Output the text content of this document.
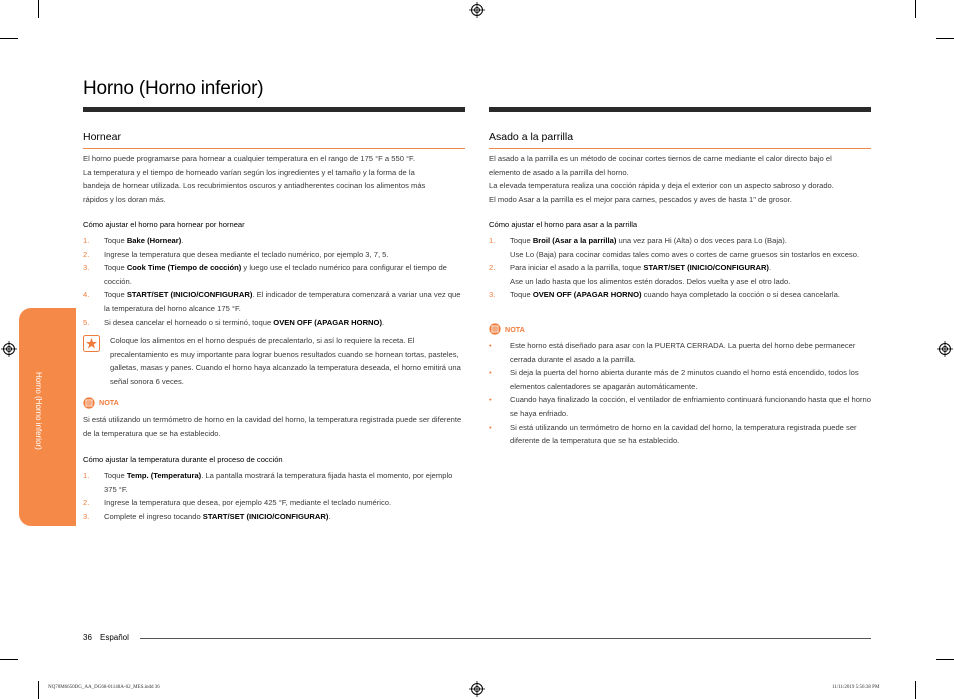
Horno (Horno inferior)
Horno (Horno inferior)
Hornear
El horno puede programarse para hornear a cualquier temperatura en el rango de 175 °F a 550 °F.
La temperatura y el tiempo de horneado varían según los ingredientes y el tamaño y la forma de la
bandeja de hornear utilizada. Los recubrimientos oscuros y antiadherentes cocinan los alimentos más
rápidos y los doran más.
Cómo ajustar el horno para hornear por hornear
1. Toque Bake (Hornear).
2. Ingrese la temperatura que desea mediante el teclado numérico, por ejemplo 3, 7, 5.
3. Toque Cook Time (Tiempo de cocción) y luego use el teclado numérico para configurar el tiempo de cocción.
4. Toque START/SET (INICIO/CONFIGURAR). El indicador de temperatura comenzará a variar una vez que la temperatura del horno alcance 175 °F.
5. Si desea cancelar el horneado o si terminó, toque OVEN OFF (APAGAR HORNO).
Coloque los alimentos en el horno después de precalentarlo, si así lo requiere la receta. El precalentamiento es muy importante para lograr buenos resultados cuando se hornean tortas, pasteles, galletas, masas y panes. Cuando el horno haya alcanzado la temperatura deseada, el horno emitirá una señal sonora 6 veces.
NOTA
Si está utilizando un termómetro de horno en la cavidad del horno, la temperatura registrada puede ser diferente de la temperatura que se ha establecido.
Cómo ajustar la temperatura durante el proceso de cocción
1. Toque Temp. (Temperatura). La pantalla mostrará la temperatura fijada hasta el momento, por ejemplo 375 °F.
2. Ingrese la temperatura que desea, por ejemplo 425 °F, mediante el teclado numérico.
3. Complete el ingreso tocando START/SET (INICIO/CONFIGURAR).
Asado a la parrilla
El asado a la parrilla es un método de cocinar cortes tiernos de carne mediante el calor directo bajo el
elemento de asado a la parrilla del horno.
La elevada temperatura realiza una cocción rápida y deja el exterior con un aspecto sabroso y dorado.
El modo Asar a la parrilla es el mejor para carnes, pescados y aves de hasta 1" de grosor.
Cómo ajustar el horno para asar a la parrilla
1. Toque Broil (Asar a la parrilla) una vez para Hi (Alta) o dos veces para Lo (Baja).
Use Lo (Baja) para cocinar comidas tales como aves o cortes de carne gruesos sin tostarlos en exceso.
2. Para iniciar el asado a la parrilla, toque START/SET (INICIO/CONFIGURAR).
Ase un lado hasta que los alimentos estén dorados. Delos vuelta y ase el otro lado.
3. Toque OVEN OFF (APAGAR HORNO) cuando haya completado la cocción o si desea cancelarla.
NOTA
• Este horno está diseñado para asar con la PUERTA CERRADA. La puerta del horno debe permanecer cerrada durante el asado a la parrilla.
• Si deja la puerta del horno abierta durante más de 2 minutos cuando el horno está encendido, todos los elementos calentadores se apagarán automáticamente.
• Cuando haya finalizado la cocción, el ventilador de enfriamiento continuará funcionando hasta que el horno se haya enfriado.
• Si está utilizando un termómetro de horno en la cavidad del horno, la temperatura registrada puede ser diferente de la temperatura que se ha establecido.
36 Español
NQ70M6650DG_AA_DG68-01148A-02_MES.indd 36	11/11/2019 5:56:38 PM
